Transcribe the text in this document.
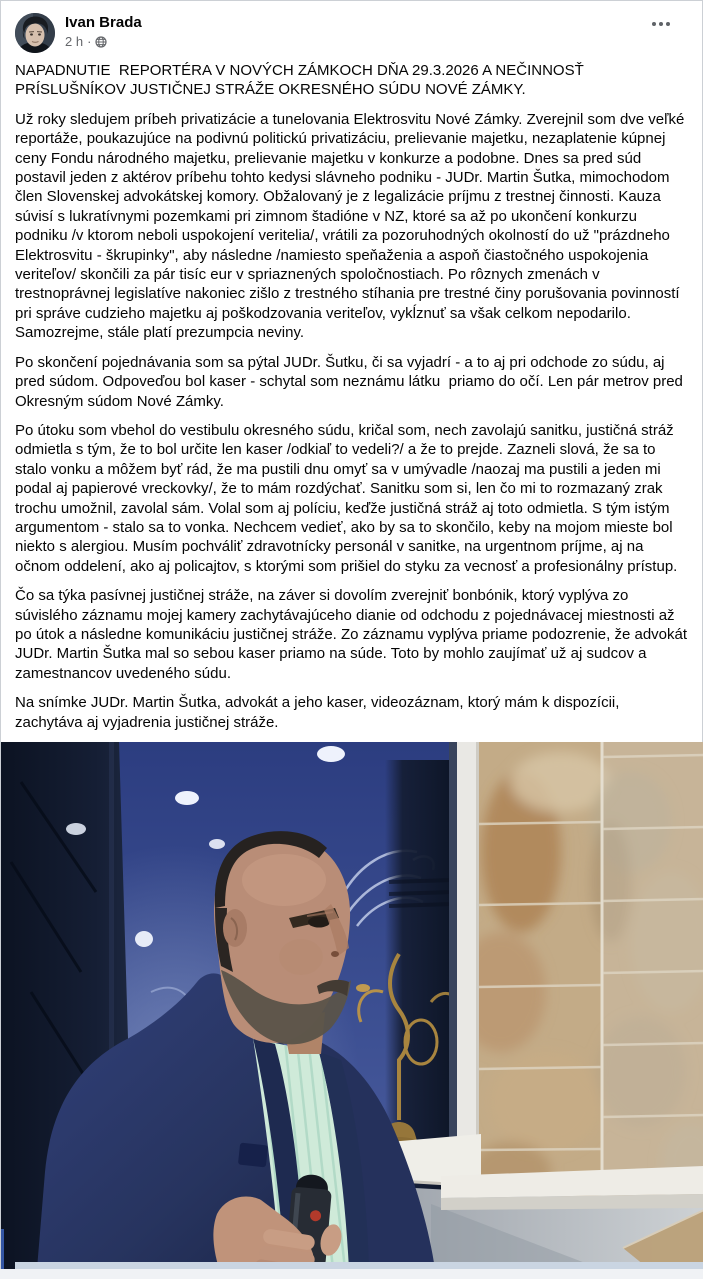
Ivan Brada
2 h ·

NAPADNUTIE  REPORTÉRA V NOVÝCH ZÁMKOCH DŇA 29.3.2026 A NEČINNOSŤ PRÍSLUŠNÍKOV JUSTIČNEJ STRÁŽE OKRESNÉHO SÚDU NOVÉ ZÁMKY.

Už roky sledujem príbeh privatizácie a tunelovania Elektrosvitu Nové Zámky. Zverejnil som dve veľké reportáže, poukazujúce na podivnú politickú privatizáciu, prelievanie majetku, nezaplatenie kúpnej ceny Fondu národného majetku, prelievanie majetku v konkurze a podobne. Dnes sa pred súd postavil jeden z aktérov príbehu tohto kedysi slávneho podniku - JUDr. Martin Šutka, mimochodom člen Slovenskej advokátskej komory. Obžalovaný je z legalizácie príjmu z trestnej činnosti. Kauza súvisí s lukratívnymi pozemkami pri zimnom štadióne v NZ, ktoré sa až po ukončení konkurzu podniku /v ktorom neboli uspokojení veritelia/, vrátili za pozoruhodných okolností do už "prázdneho Elektrosvitu - škrupinky", aby následne /namiesto speňaženia a aspoň čiastočného uspokojenia veriteľov/ skončili za pár tisíc eur v spriaznených spoločnostiach. Po rôznych zmenách v trestnoprávnej legislatíve nakoniec zišlo z trestného stíhania pre trestné činy porušovania povinností pri správe cudzieho majetku aj poškodzovania veriteľov, vykĺznuť sa však celkom nepodarilo. Samozrejme, stále platí prezumpcia neviny.

Po skončení pojednávania som sa pýtal JUDr. Šutku, či sa vyjadrí - a to aj pri odchode zo súdu, aj pred súdom. Odpoveďou bol kaser - schytal som neznámu látku  priamo do očí. Len pár metrov pred Okresným súdom Nové Zámky.

Po útoku som vbehol do vestibulu okresného súdu, kričal som, nech zavolajú sanitku, justičná stráž odmietla s tým, že to bol určite len kaser /odkiaľ to vedeli?/ a že to prejde. Zazneli slová, že sa to stalo vonku a môžem byť rád, že ma pustili dnu omyť sa v umývadle /naozaj ma pustili a jeden mi podal aj papierové vreckovky/, že to mám rozdýchať. Sanitku som si, len čo mi to rozmazaný zrak trochu umožnil, zavolal sám. Volal som aj políciu, keďže justičná stráž aj toto odmietla. S tým istým argumentom - stalo sa to vonka. Nechcem vedieť, ako by sa to skončilo, keby na mojom mieste bol niekto s alergiou. Musím pochváliť zdravotnícky personál v sanitke, na urgentnom príjme, aj na očnom oddelení, ako aj policajtov, s ktorými som prišiel do styku za vecnosť a profesionálny prístup.

Čo sa týka pasívnej justičnej stráže, na záver si dovolím zverejniť bonbónik, ktorý vyplýva zo súvislého záznamu mojej kamery zachytávajúceho dianie od odchodu z pojednávacej miestnosti až po útok a následne komunikáciu justičnej stráže. Zo záznamu vyplýva priame podozrenie, že advokát JUDr. Martin Šutka mal so sebou kaser priamo na súde. Toto by mohlo zaujímať už aj sudcov a zamestnancov uvedeného súdu.

Na snímke JUDr. Martin Šutka, advokát a jeho kaser, videozáznam, ktorý mám k dispozícii, zachytáva aj vyjadrenia justičnej stráže.
